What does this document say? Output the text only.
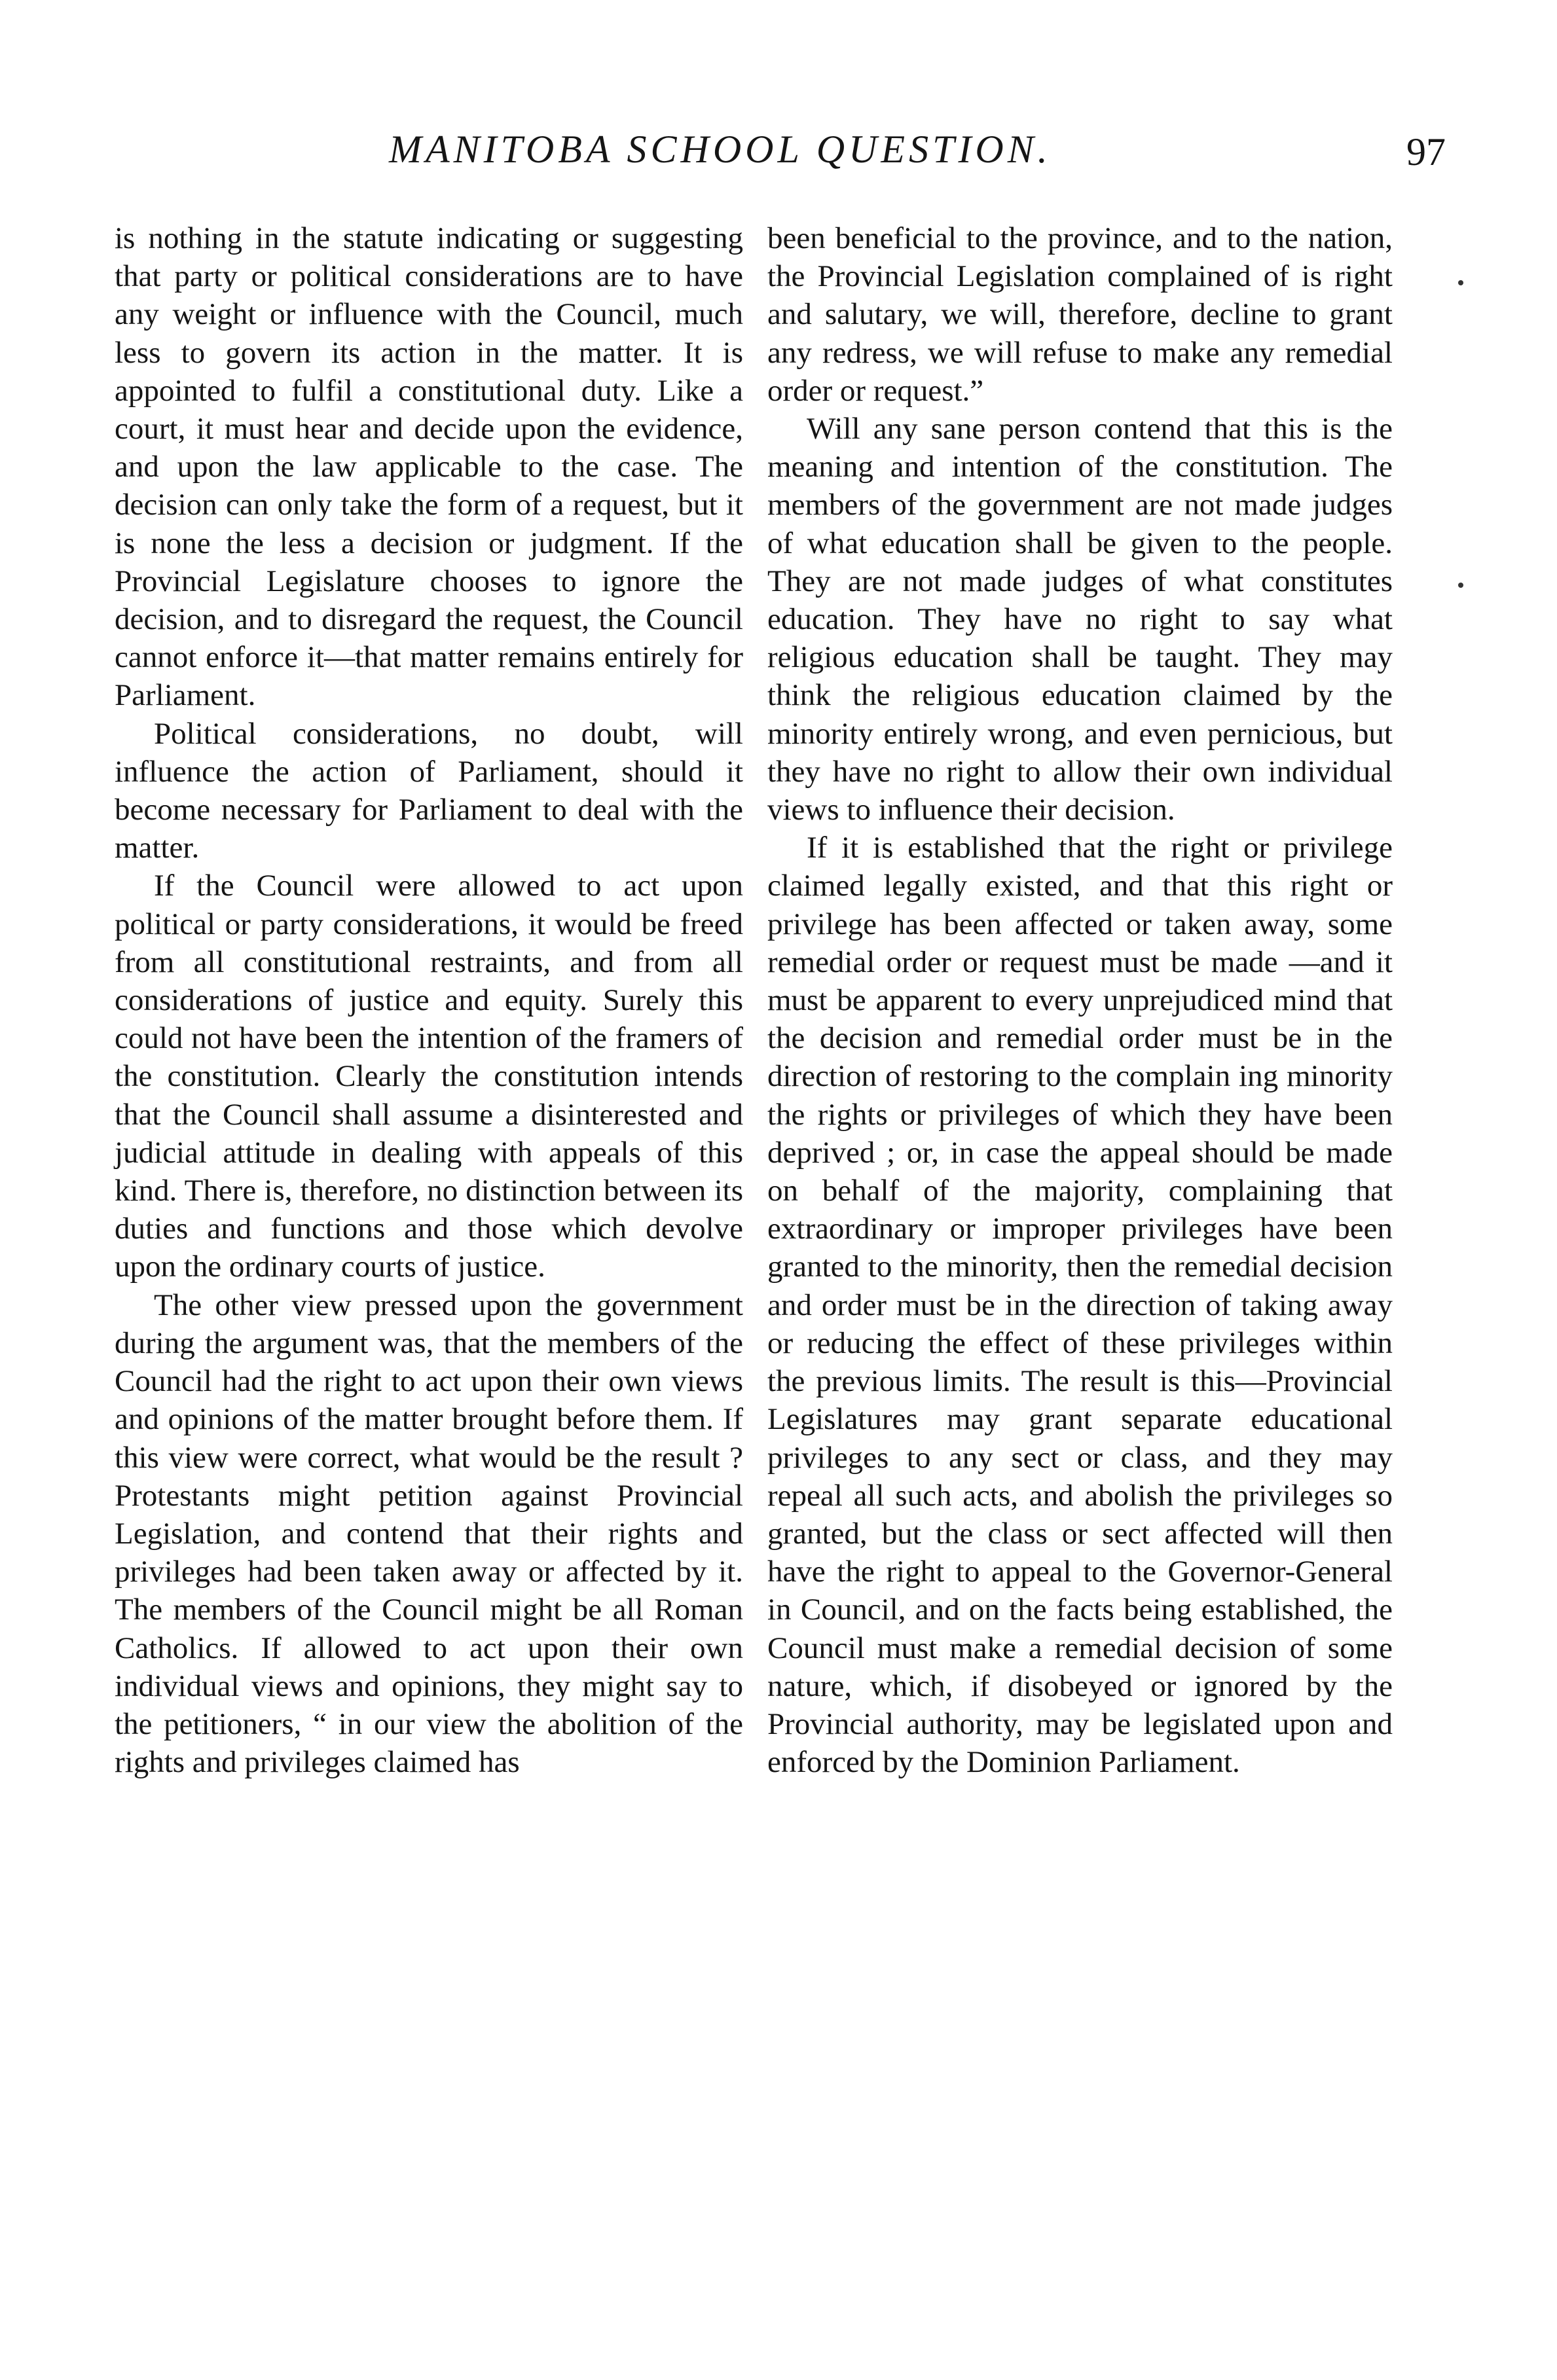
MANITOBA SCHOOL QUESTION.	97

is nothing in the statute indicating or suggesting that party or political considerations are to have any weight or influence with the Council, much less to govern its action in the matter. It is appointed to fulfil a constitutional duty. Like a court, it must hear and decide upon the evidence, and upon the law applicable to the case. The decision can only take the form of a request, but it is none the less a decision or judgment. If the Provincial Legislature chooses to ignore the decision, and to disregard the request, the Council cannot enforce it—that matter remains entirely for Parliament.

Political considerations, no doubt, will influence the action of Parliament, should it become necessary for Parliament to deal with the matter.

If the Council were allowed to act upon political or party considerations, it would be freed from all constitutional restraints, and from all considerations of justice and equity. Surely this could not have been the intention of the framers of the constitution. Clearly the constitution intends that the Council shall assume a disinterested and judicial attitude in dealing with appeals of this kind. There is, therefore, no distinction between its duties and functions and those which devolve upon the ordinary courts of justice.

The other view pressed upon the government during the argument was, that the members of the Council had the right to act upon their own views and opinions of the matter brought before them. If this view were correct, what would be the result ? Protestants might petition against Provincial Legislation, and contend that their rights and privileges had been taken away or affected by it. The members of the Council might be all Roman Catholics. If allowed to act upon their own individual views and opinions, they might say to the petitioners, “ in our view the abolition of the rights and privileges claimed has

been beneficial to the province, and to the nation, the Provincial Legislation complained of is right and salutary, we will, therefore, decline to grant any redress, we will refuse to make any remedial order or request.”

Will any sane person contend that this is the meaning and intention of the constitution. The members of the government are not made judges of what education shall be given to the people. They are not made judges of what constitutes education. They have no right to say what religious education shall be taught. They may think the religious education claimed by the minority entirely wrong, and even pernicious, but they have no right to allow their own individual views to influence their decision.

If it is established that the right or privilege claimed legally existed, and that this right or privilege has been affected or taken away, some remedial order or request must be made —and it must be apparent to every unprejudiced mind that the decision and remedial order must be in the direction of restoring to the complain ing minority the rights or privileges of which they have been deprived ; or, in case the appeal should be made on behalf of the majority, complaining that extraordinary or improper privileges have been granted to the minority, then the remedial decision and order must be in the direction of taking away or reducing the effect of these privileges within the previous limits. The result is this—Provincial Legislatures may grant separate educational privileges to any sect or class, and they may repeal all such acts, and abolish the privileges so granted, but the class or sect affected will then have the right to appeal to the Governor-General in Council, and on the facts being established, the Council must make a remedial decision of some nature, which, if disobeyed or ignored by the Provincial authority, may be legislated upon and enforced by the Dominion Parliament.
